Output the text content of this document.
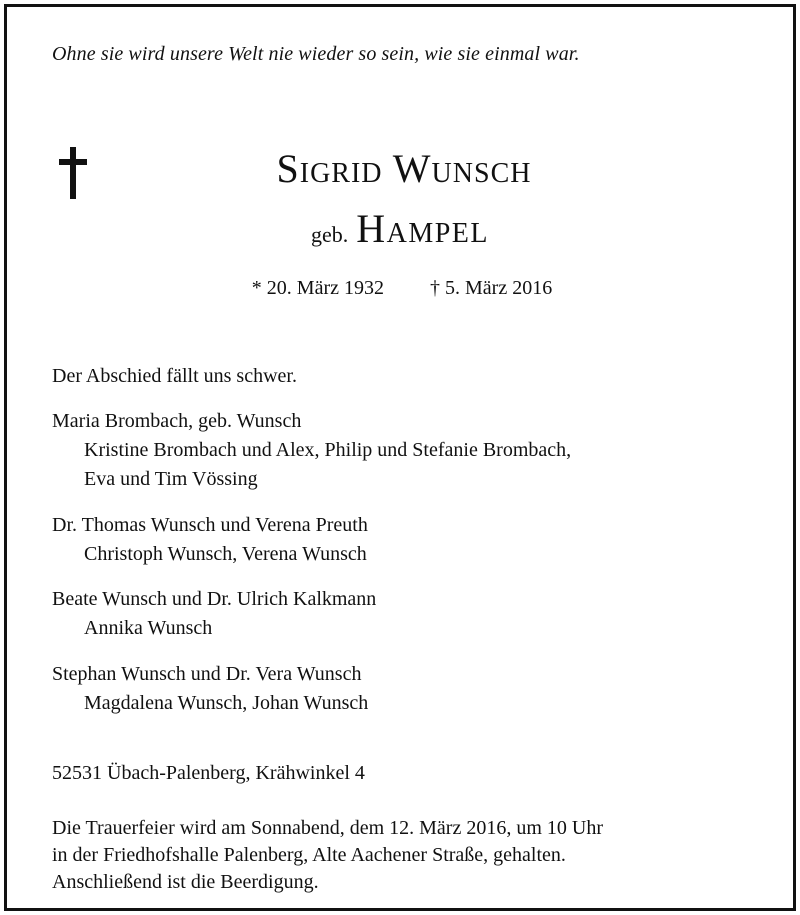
Ohne sie wird unsere Welt nie wieder so sein, wie sie einmal war.
Sigrid Wunsch
geb. Hampel
* 20. März 1932 † 5. März 2016
Der Abschied fällt uns schwer.
Maria Brombach, geb. Wunsch
Kristine Brombach und Alex, Philip und Stefanie Brombach,
Eva und Tim Vössing
Dr. Thomas Wunsch und Verena Preuth
Christoph Wunsch, Verena Wunsch
Beate Wunsch und Dr. Ulrich Kalkmann
Annika Wunsch
Stephan Wunsch und Dr. Vera Wunsch
Magdalena Wunsch, Johan Wunsch
52531 Übach-Palenberg, Krähwinkel 4
Die Trauerfeier wird am Sonnabend, dem 12. März 2016, um 10 Uhr
in der Friedhofshalle Palenberg, Alte Aachener Straße, gehalten.
Anschließend ist die Beerdigung.
